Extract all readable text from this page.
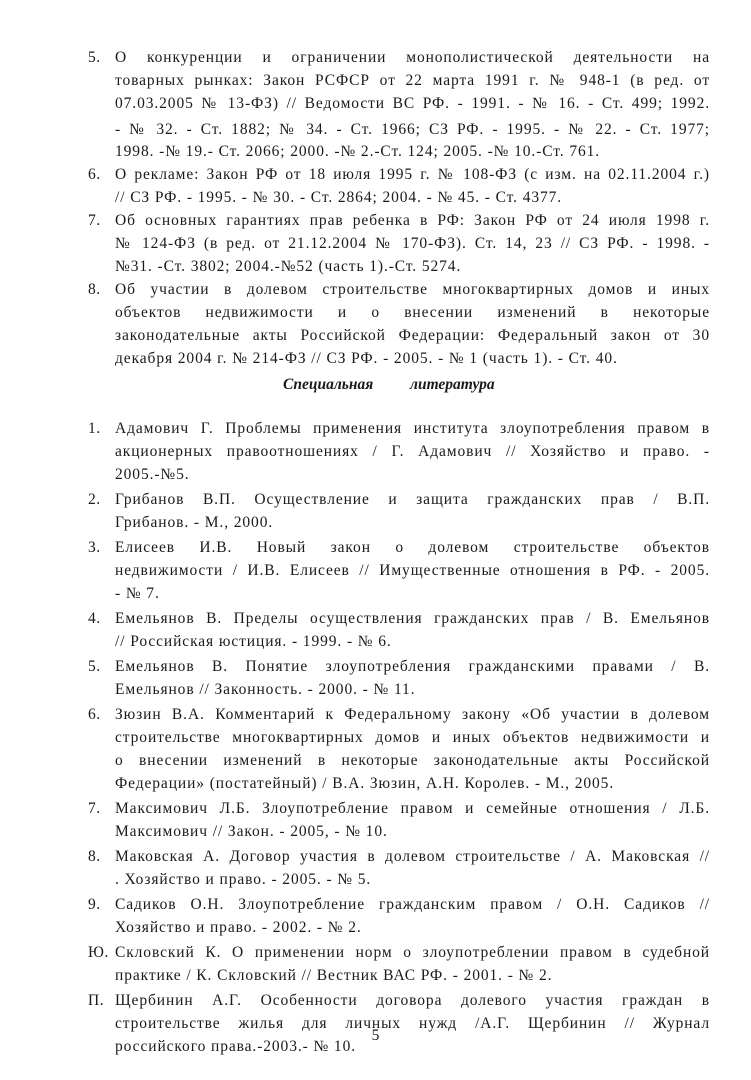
5. О конкуренции и ограничении монополистической деятельности на
товарных рынках: Закон РСФСР от 22 марта 1991 г. № 948-1 (в ред. от
07.03.2005 № 13-ФЗ) // Ведомости ВС РФ. - 1991. - № 16. - Ст. 499; 1992.
- № 32. - Ст. 1882; № 34. - Ст. 1966; СЗ РФ. - 1995. - № 22. - Ст. 1977;
1998. -№ 19.- Ст. 2066; 2000. -№ 2.-Ст. 124; 2005. -№ 10.-Ст. 761.
6. О рекламе: Закон РФ от 18 июля 1995 г. № 108-ФЗ (с изм. на 02.11.2004 г.)
// СЗ РФ. - 1995. - № 30. - Ст. 2864; 2004. - № 45. - Ст. 4377.
7. Об основных гарантиях прав ребенка в РФ: Закон РФ от 24 июля 1998 г.
№ 124-ФЗ (в ред. от 21.12.2004 № 170-ФЗ). Ст. 14, 23 // СЗ РФ. - 1998. -
№31. -Ст. 3802; 2004.-№52 (часть 1).-Ст. 5274.
8. Об участии в долевом строительстве многоквартирных домов и иных
объектов недвижимости и о внесении изменений в некоторые
законодательные акты Российской Федерации: Федеральный закон от 30
декабря 2004 г. № 214-ФЗ // СЗ РФ. - 2005. - № 1 (часть 1). - Ст. 40.
Специальная литература
1. Адамович Г. Проблемы применения института злоупотребления правом в
акционерных правоотношениях / Г. Адамович // Хозяйство и право. -
2005.-№5.
2. Грибанов В.П. Осуществление и защита гражданских прав / В.П.
Грибанов. - М., 2000.
3. Елисеев И.В. Новый закон о долевом строительстве объектов
недвижимости / И.В. Елисеев // Имущественные отношения в РФ. - 2005.
- № 7.
4. Емельянов В. Пределы осуществления гражданских прав / В. Емельянов
// Российская юстиция. - 1999. - № 6.
5. Емельянов В. Понятие злоупотребления гражданскими правами / В.
Емельянов // Законность. - 2000. - № 11.
6. Зюзин В.А. Комментарий к Федеральному закону «Об участии в долевом
строительстве многоквартирных домов и иных объектов недвижимости и
о внесении изменений в некоторые законодательные акты Российской
Федерации» (постатейный) / В.А. Зюзин, А.Н. Королев. - М., 2005.
7. Максимович Л.Б. Злоупотребление правом и семейные отношения / Л.Б.
Максимович // Закон. - 2005, - № 10.
8. Маковская А. Договор участия в долевом строительстве / А. Маковская //
. Хозяйство и право. - 2005. - № 5.
9. Садиков О.Н. Злоупотребление гражданским правом / О.Н. Садиков //
Хозяйство и право. - 2002. - № 2.
Ю. Скловский К. О применении норм о злоупотреблении правом в судебной
практике / К. Скловский // Вестник ВАС РФ. - 2001. - № 2.
П. Щербинин А.Г. Особенности договора долевого участия граждан в
строительстве жилья для личных нужд /А.Г. Щербинин // Журнал
российского права.-2003.- № 10.
5
